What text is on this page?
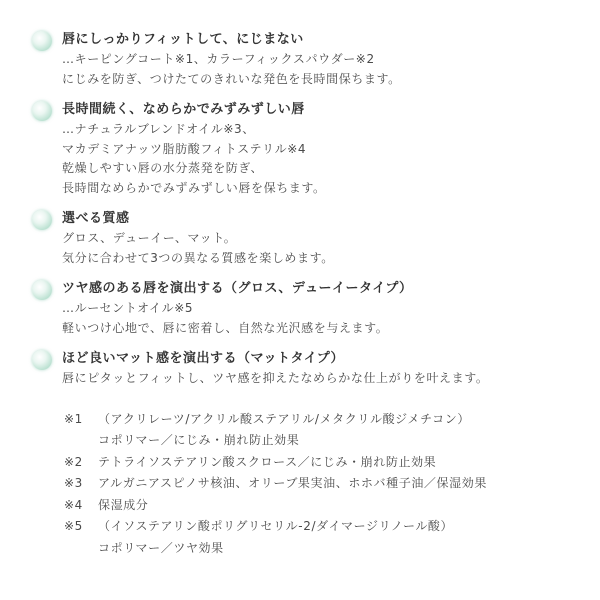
唇にしっかりフィットして、にじまない
…キーピングコート※1、カラーフィックスパウダー※2
にじみを防ぎ、つけたてのきれいな発色を長時間保ちます。
長時間続く、なめらかでみずみずしい唇
…ナチュラルブレンドオイル※3、
マカデミアナッツ脂肪酸フィトステリル※4
乾燥しやすい唇の水分蒸発を防ぎ、
長時間なめらかでみずみずしい唇を保ちます。
選べる質感
グロス、デューイー、マット。
気分に合わせて3つの異なる質感を楽しめます。
ツヤ感のある唇を演出する（グロス、デューイータイプ）
…ルーセントオイル※5
軽いつけ心地で、唇に密着し、自然な光沢感を与えます。
ほど良いマット感を演出する（マットタイプ）
唇にピタッとフィットし、ツヤ感を抑えたなめらかな仕上がりを叶えます。
※1 （アクリレーツ/アクリル酸ステアリル/メタクリル酸ジメチコン）
コポリマー／にじみ・崩れ防止効果
※2 テトライソステアリン酸スクロース／にじみ・崩れ防止効果
※3 アルガニアスピノサ核油、オリーブ果実油、ホホバ種子油／保湿効果
※4 保湿成分
※5 （イソステアリン酸ポリグリセリル-2/ダイマージリノール酸）
コポリマー／ツヤ効果
